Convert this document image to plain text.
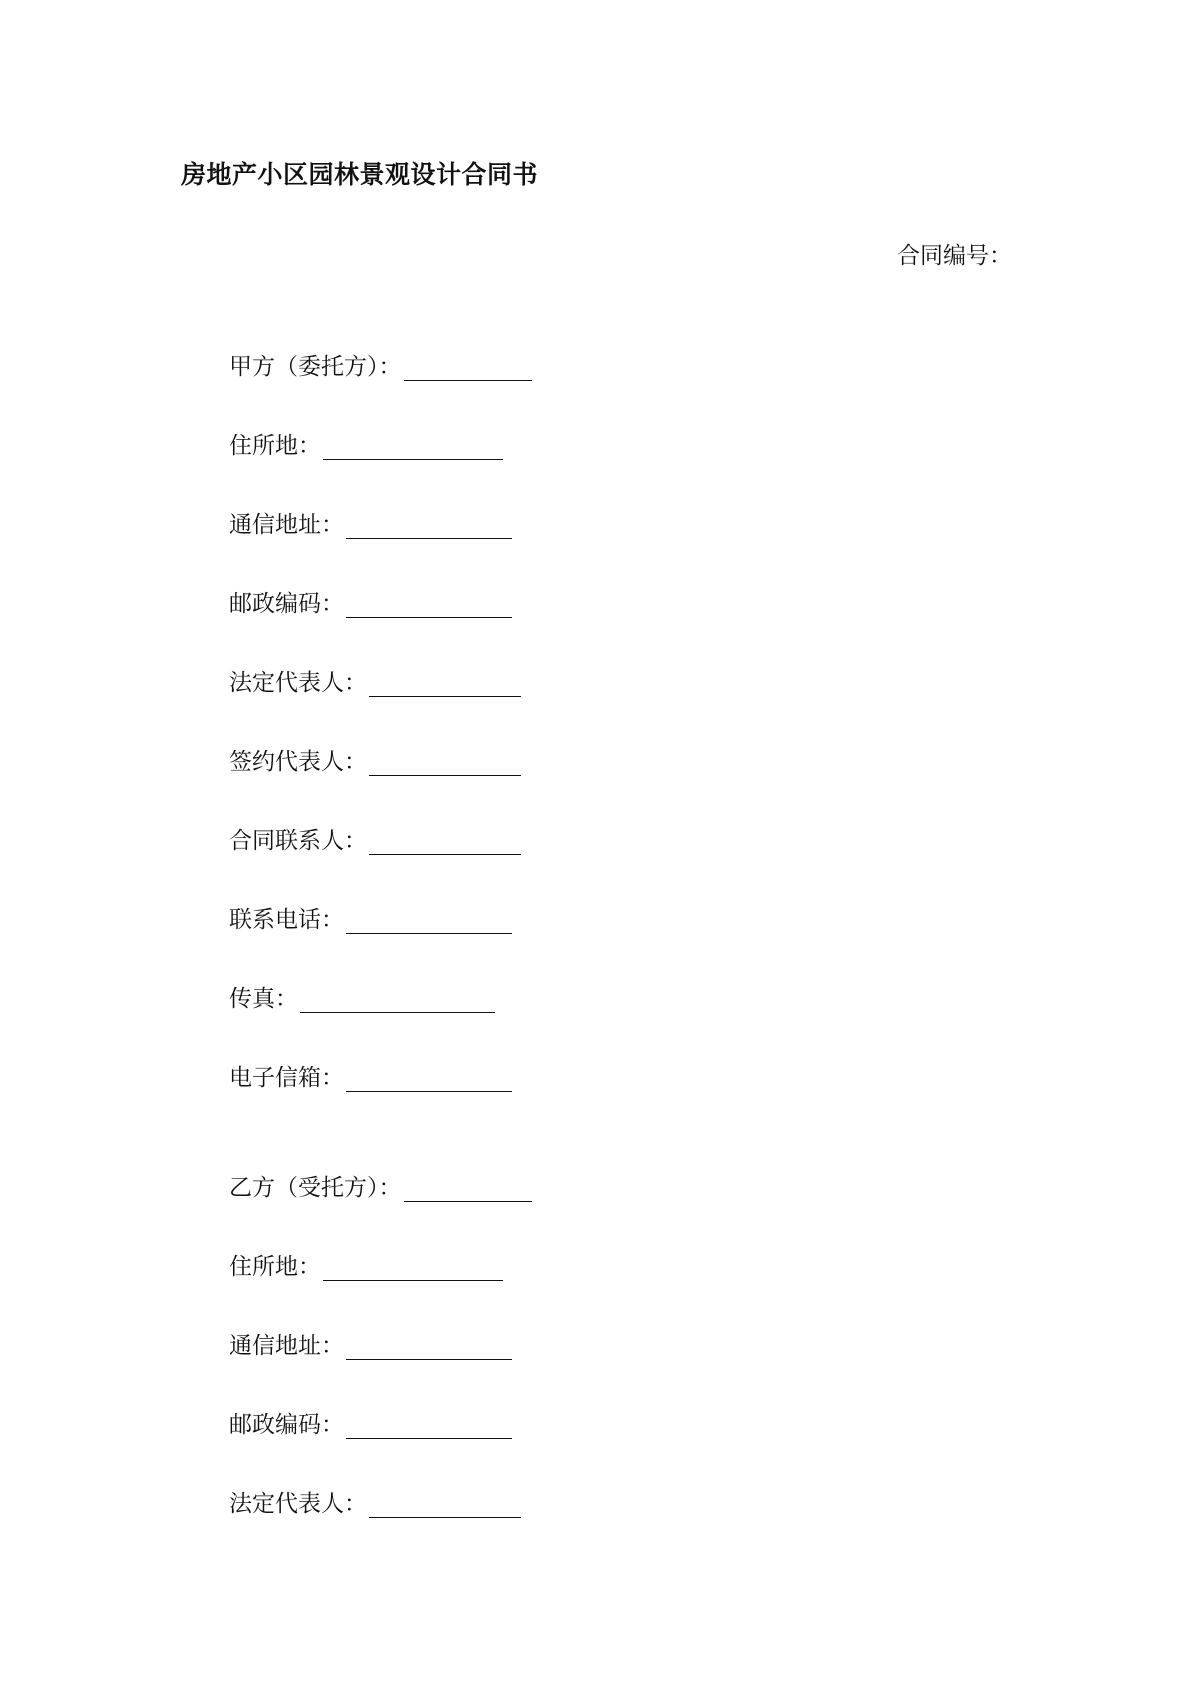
房地产小区园林景观设计合同书
合同编号：
甲方（委托方）：
住所地：
通信地址：
邮政编码：
法定代表人：
签约代表人：
合同联系人：
联系电话：
传真：
电子信箱：
乙方（受托方）：
住所地：
通信地址：
邮政编码：
法定代表人：
